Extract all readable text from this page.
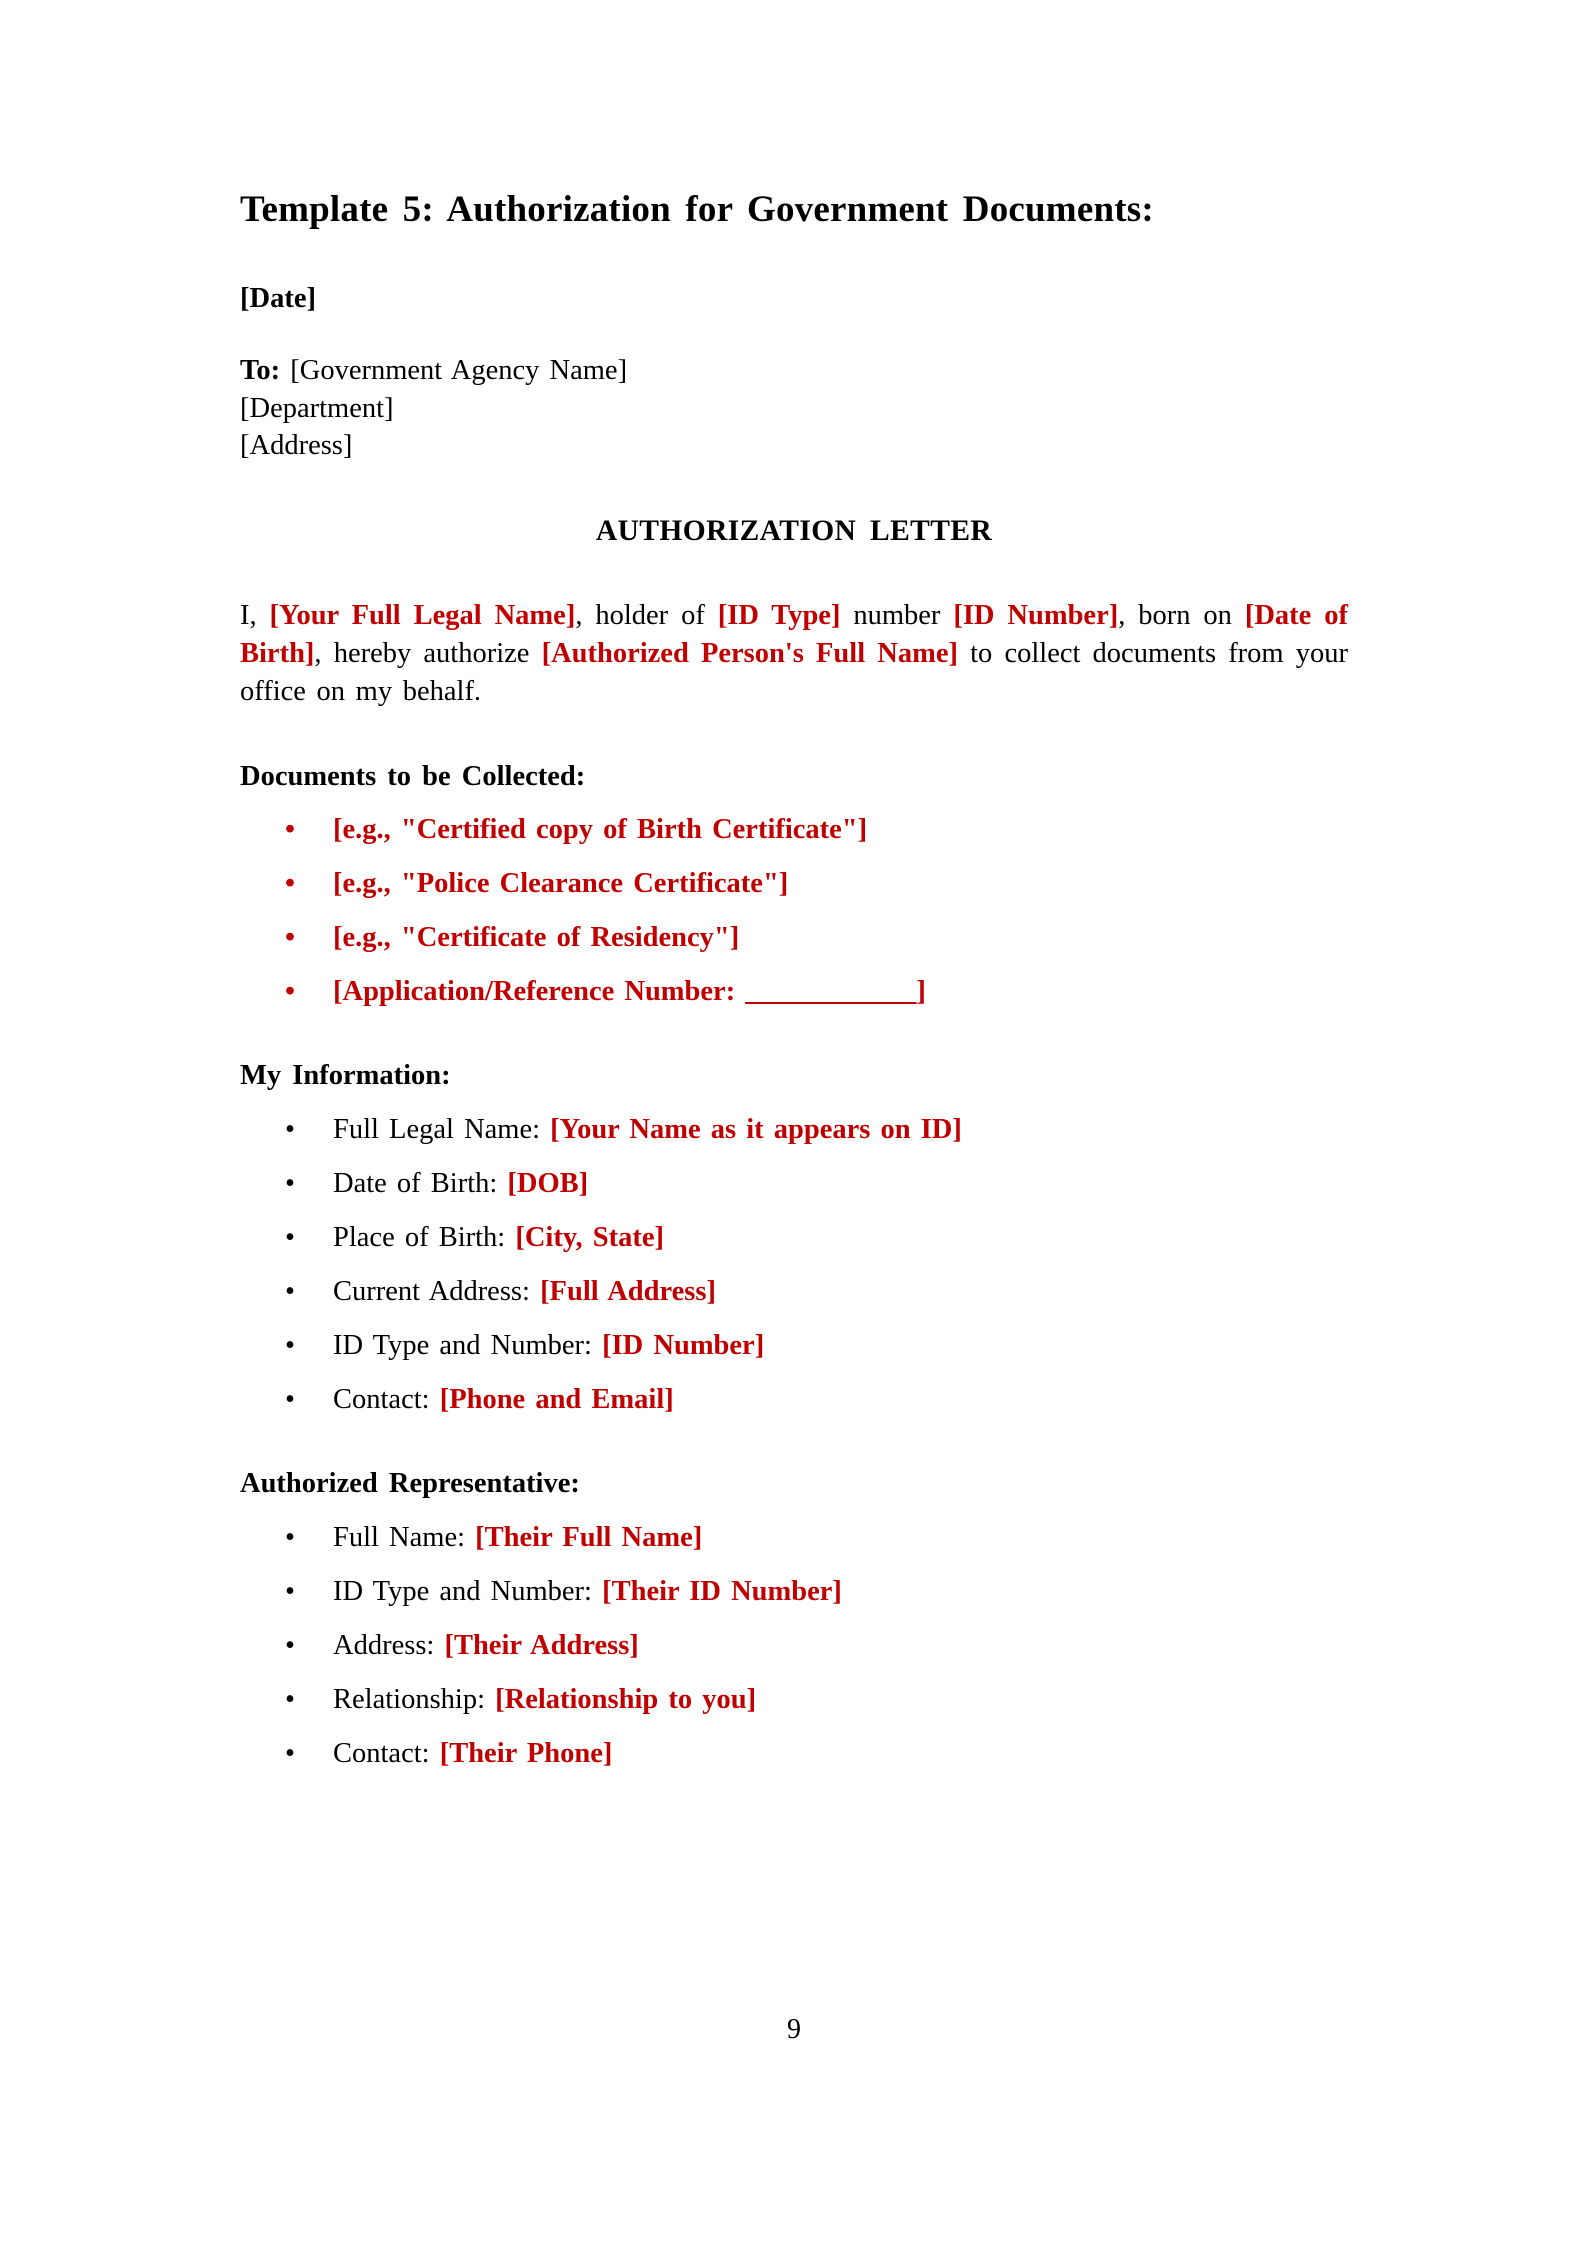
Template 5: Authorization for Government Documents:

[Date]

To: [Government Agency Name]

[Department]

[Address]

AUTHORIZATION LETTER

I, [Your Full Legal Name], holder of [ID Type] number [ID Number], born on [Date of Birth], hereby authorize [Authorized Person's Full Name] to collect documents from your office on my behalf.

Documents to be Collected:

• [e.g., "Certified copy of Birth Certificate"]
• [e.g., "Police Clearance Certificate"]
• [e.g., "Certificate of Residency"]
• [Application/Reference Number: ____________]

My Information:

• Full Legal Name: [Your Name as it appears on ID]
• Date of Birth: [DOB]
• Place of Birth: [City, State]
• Current Address: [Full Address]
• ID Type and Number: [ID Number]
• Contact: [Phone and Email]

Authorized Representative:

• Full Name: [Their Full Name]
• ID Type and Number: [Their ID Number]
• Address: [Their Address]
• Relationship: [Relationship to you]
• Contact: [Their Phone]
9
